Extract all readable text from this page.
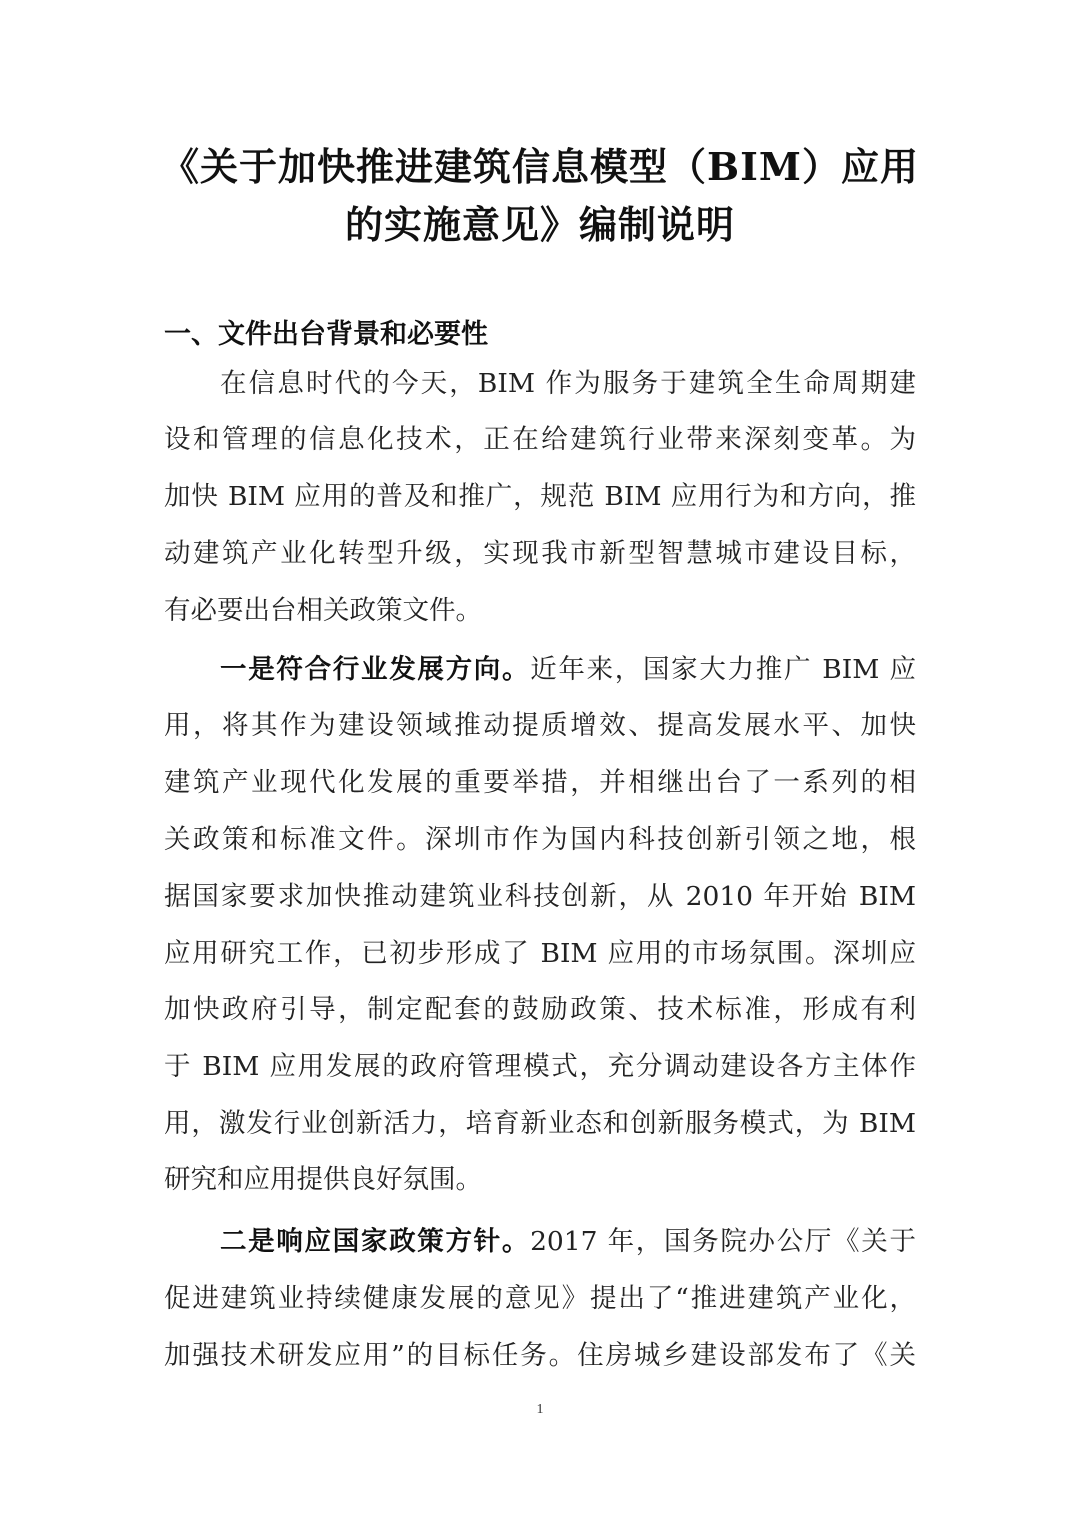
《关于加快推进建筑信息模型（BIM）应用
的实施意见》编制说明
一、文件出台背景和必要性
在信息时代的今天，BIM 作为服务于建筑全生命周期建
设和管理的信息化技术，正在给建筑行业带来深刻变革。为
加快 BIM 应用的普及和推广，规范 BIM 应用行为和方向，推
动建筑产业化转型升级，实现我市新型智慧城市建设目标，
有必要出台相关政策文件。
一是符合行业发展方向。近年来，国家大力推广 BIM 应
用，将其作为建设领域推动提质增效、提高发展水平、加快
建筑产业现代化发展的重要举措，并相继出台了一系列的相
关政策和标准文件。深圳市作为国内科技创新引领之地，根
据国家要求加快推动建筑业科技创新，从 2010 年开始 BIM
应用研究工作，已初步形成了 BIM 应用的市场氛围。深圳应
加快政府引导，制定配套的鼓励政策、技术标准，形成有利
于 BIM 应用发展的政府管理模式，充分调动建设各方主体作
用，激发行业创新活力，培育新业态和创新服务模式，为 BIM
研究和应用提供良好氛围。
二是响应国家政策方针。2017 年，国务院办公厅《关于
促进建筑业持续健康发展的意见》提出了“推进建筑产业化，
加强技术研发应用”的目标任务。住房城乡建设部发布了《关
1
